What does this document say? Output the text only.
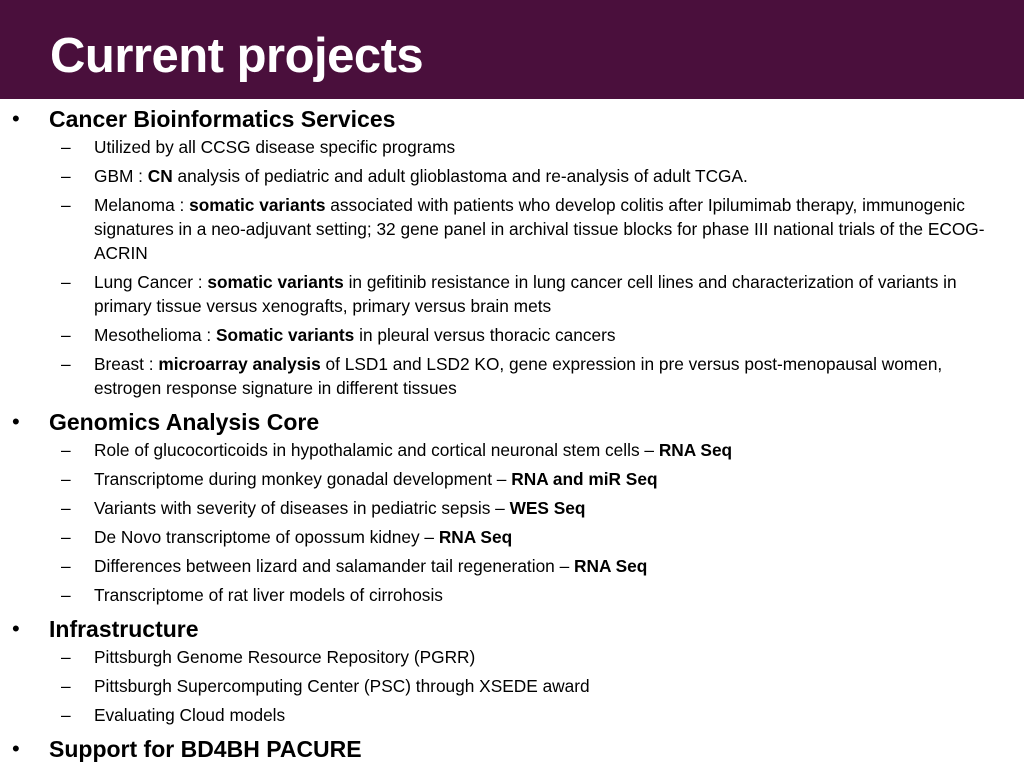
Current projects
• Cancer Bioinformatics Services
– Utilized by all CCSG disease specific programs
– GBM : CN analysis of pediatric and adult glioblastoma and re-analysis of adult TCGA.
– Melanoma : somatic variants associated with patients who develop colitis after Ipilumimab therapy, immunogenic signatures in a neo-adjuvant setting; 32 gene panel in archival tissue blocks for phase III national trials of the ECOG-ACRIN
– Lung Cancer : somatic variants in gefitinib resistance in lung cancer cell lines and characterization of variants in primary tissue versus xenografts, primary versus brain mets
– Mesothelioma : Somatic variants in pleural versus thoracic cancers
– Breast : microarray analysis of LSD1 and LSD2 KO, gene expression in pre versus post-menopausal women, estrogen response signature in different tissues
• Genomics Analysis Core
– Role of glucocorticoids in hypothalamic and cortical neuronal stem cells – RNA Seq
– Transcriptome during monkey gonadal development – RNA and miR Seq
– Variants with severity of diseases in pediatric sepsis – WES Seq
– De Novo transcriptome of opossum kidney – RNA Seq
– Differences between lizard and salamander tail regeneration – RNA Seq
– Transcriptome of rat liver models of cirrohosis
• Infrastructure
– Pittsburgh Genome Resource Repository (PGRR)
– Pittsburgh Supercomputing Center (PSC) through XSEDE award
– Evaluating Cloud models
• Support for BD4BH PACURE
